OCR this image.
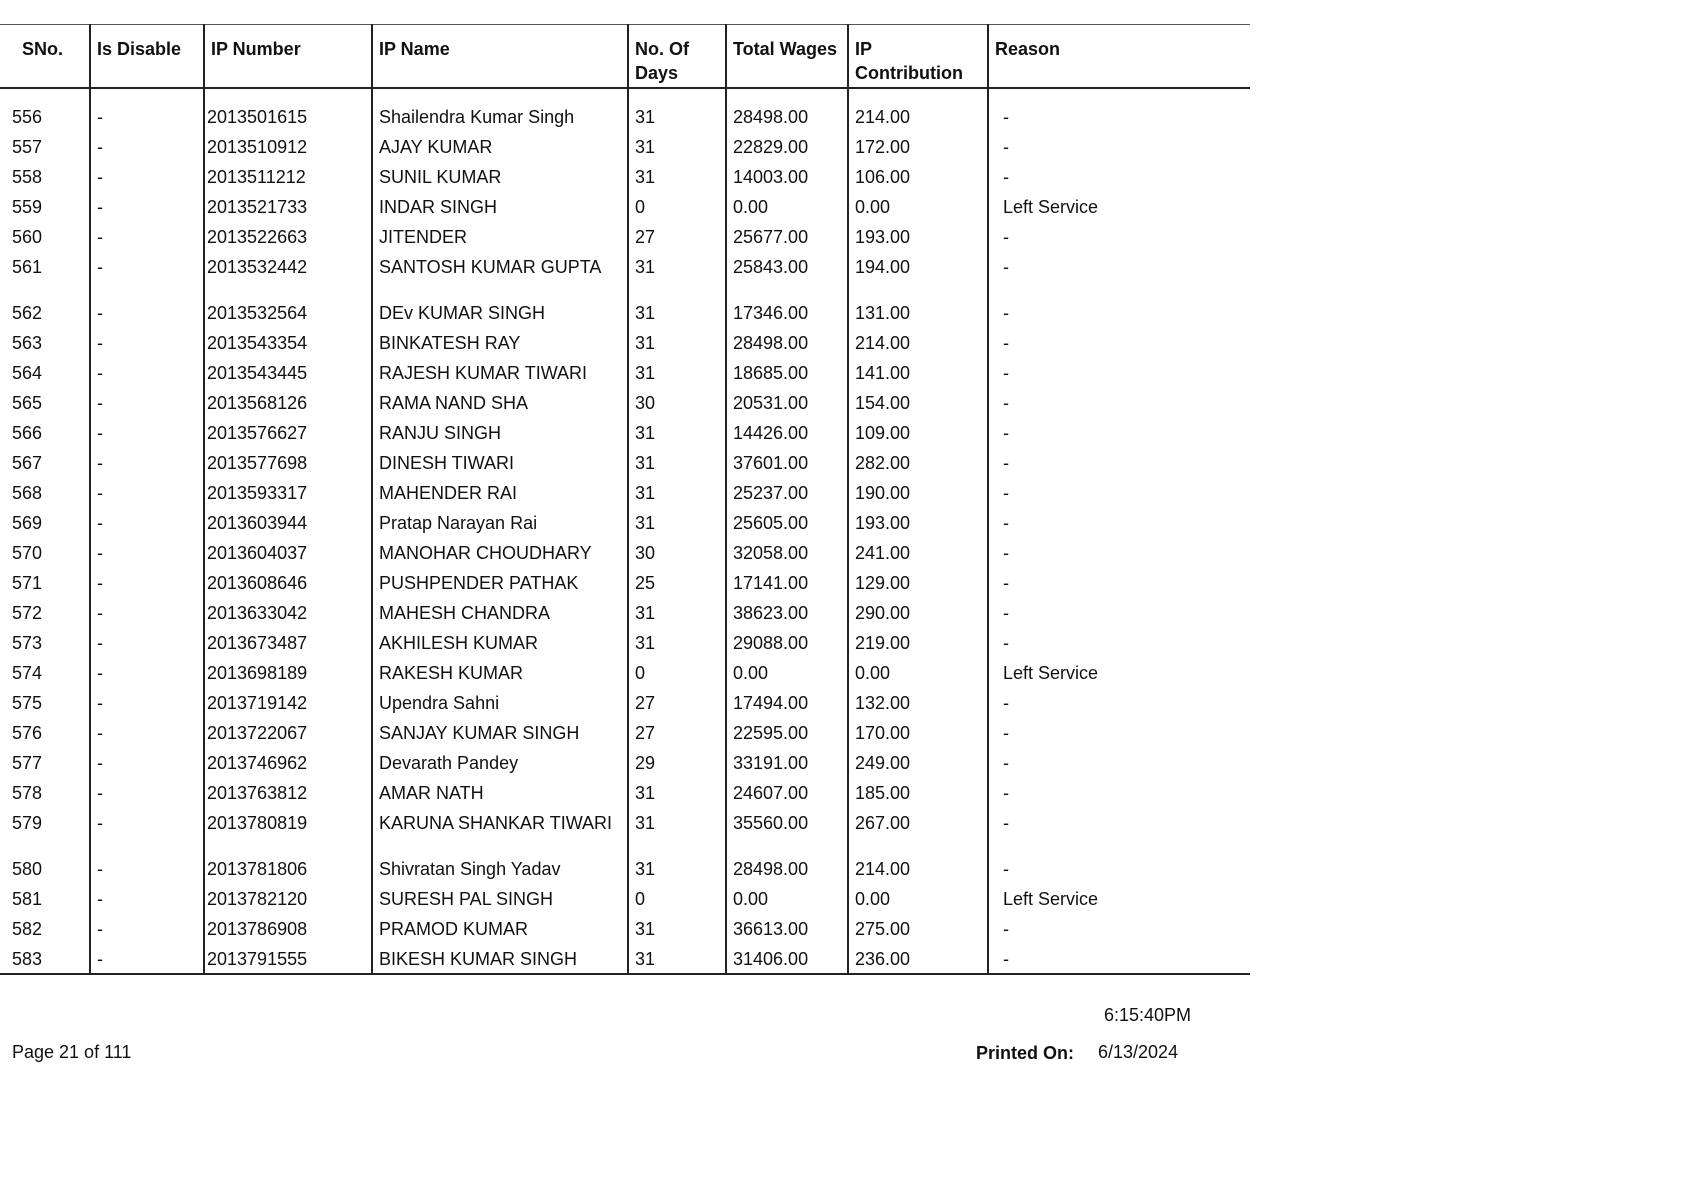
SNo.	Is Disable	IP Number	IP Name	No. Of Days	Total Wages	IP Contribution	Reason
556	-	2013501615	Shailendra Kumar Singh	31	28498.00	214.00	-
557	-	2013510912	AJAY KUMAR	31	22829.00	172.00	-
558	-	2013511212	SUNIL KUMAR	31	14003.00	106.00	-
559	-	2013521733	INDAR SINGH	0	0.00	0.00	Left Service
560	-	2013522663	JITENDER	27	25677.00	193.00	-
561	-	2013532442	SANTOSH KUMAR GUPTA	31	25843.00	194.00	-
562	-	2013532564	DEv KUMAR SINGH	31	17346.00	131.00	-
563	-	2013543354	BINKATESH RAY	31	28498.00	214.00	-
564	-	2013543445	RAJESH KUMAR TIWARI	31	18685.00	141.00	-
565	-	2013568126	RAMA NAND SHA	30	20531.00	154.00	-
566	-	2013576627	RANJU SINGH	31	14426.00	109.00	-
567	-	2013577698	DINESH TIWARI	31	37601.00	282.00	-
568	-	2013593317	MAHENDER RAI	31	25237.00	190.00	-
569	-	2013603944	Pratap Narayan Rai	31	25605.00	193.00	-
570	-	2013604037	MANOHAR CHOUDHARY	30	32058.00	241.00	-
571	-	2013608646	PUSHPENDER PATHAK	25	17141.00	129.00	-
572	-	2013633042	MAHESH CHANDRA	31	38623.00	290.00	-
573	-	2013673487	AKHILESH KUMAR	31	29088.00	219.00	-
574	-	2013698189	RAKESH KUMAR	0	0.00	0.00	Left Service
575	-	2013719142	Upendra Sahni	27	17494.00	132.00	-
576	-	2013722067	SANJAY KUMAR SINGH	27	22595.00	170.00	-
577	-	2013746962	Devarath Pandey	29	33191.00	249.00	-
578	-	2013763812	AMAR NATH	31	24607.00	185.00	-
579	-	2013780819	KARUNA SHANKAR TIWARI	31	35560.00	267.00	-
580	-	2013781806	Shivratan Singh Yadav	31	28498.00	214.00	-
581	-	2013782120	SURESH PAL SINGH	0	0.00	0.00	Left Service
582	-	2013786908	PRAMOD KUMAR	31	36613.00	275.00	-
583	-	2013791555	BIKESH KUMAR SINGH	31	31406.00	236.00	-
6:15:40PM
Page 21 of 111	Printed On: 6/13/2024
